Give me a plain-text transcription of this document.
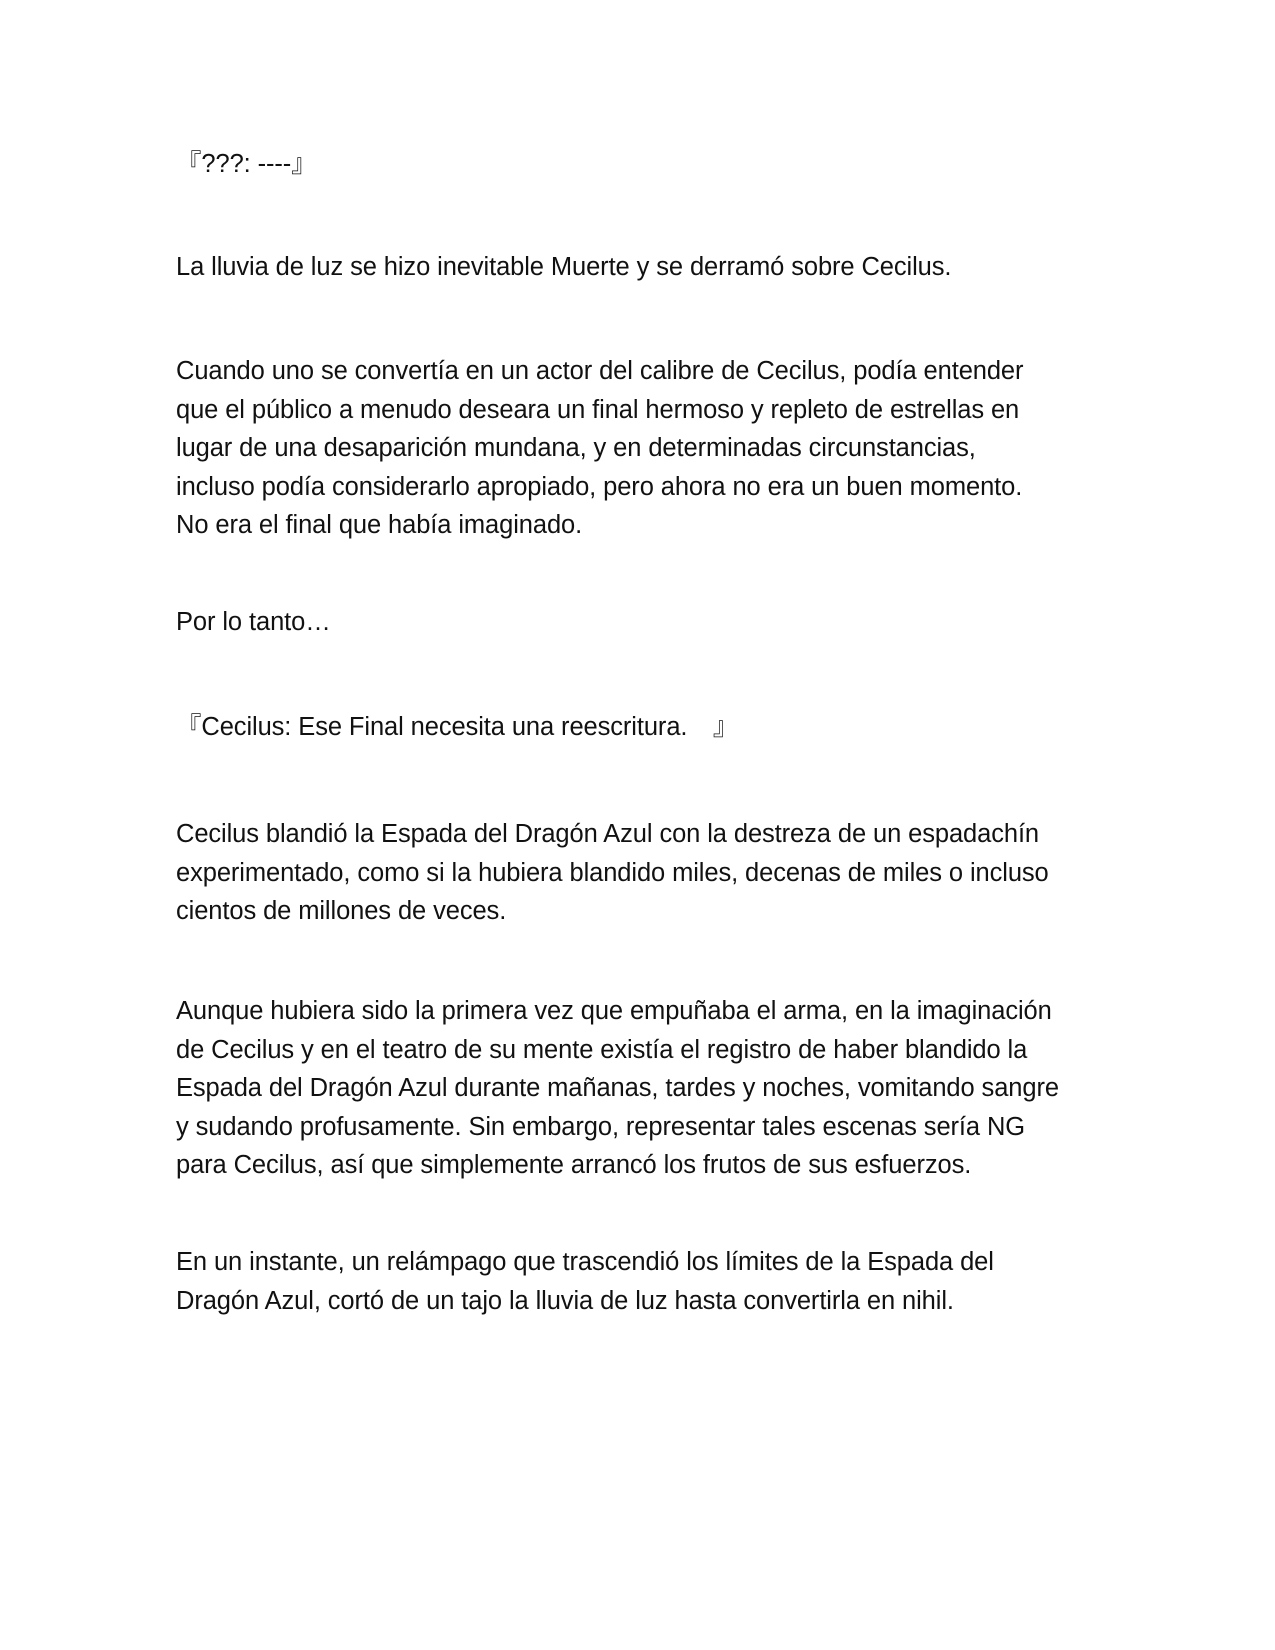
『???: ----』

La lluvia de luz se hizo inevitable Muerte y se derramó sobre Cecilus.

Cuando uno se convertía en un actor del calibre de Cecilus, podía entender
que el público a menudo deseara un final hermoso y repleto de estrellas en
lugar de una desaparición mundana, y en determinadas circunstancias,
incluso podía considerarlo apropiado, pero ahora no era un buen momento.
No era el final que había imaginado.

Por lo tanto…

『Cecilus: Ese Final necesita una reescritura.　』

Cecilus blandió la Espada del Dragón Azul con la destreza de un espadachín
experimentado, como si la hubiera blandido miles, decenas de miles o incluso
cientos de millones de veces.

Aunque hubiera sido la primera vez que empuñaba el arma, en la imaginación
de Cecilus y en el teatro de su mente existía el registro de haber blandido la
Espada del Dragón Azul durante mañanas, tardes y noches, vomitando sangre
y sudando profusamente. Sin embargo, representar tales escenas sería NG
para Cecilus, así que simplemente arrancó los frutos de sus esfuerzos.

En un instante, un relámpago que trascendió los límites de la Espada del
Dragón Azul, cortó de un tajo la lluvia de luz hasta convertirla en nihil.
